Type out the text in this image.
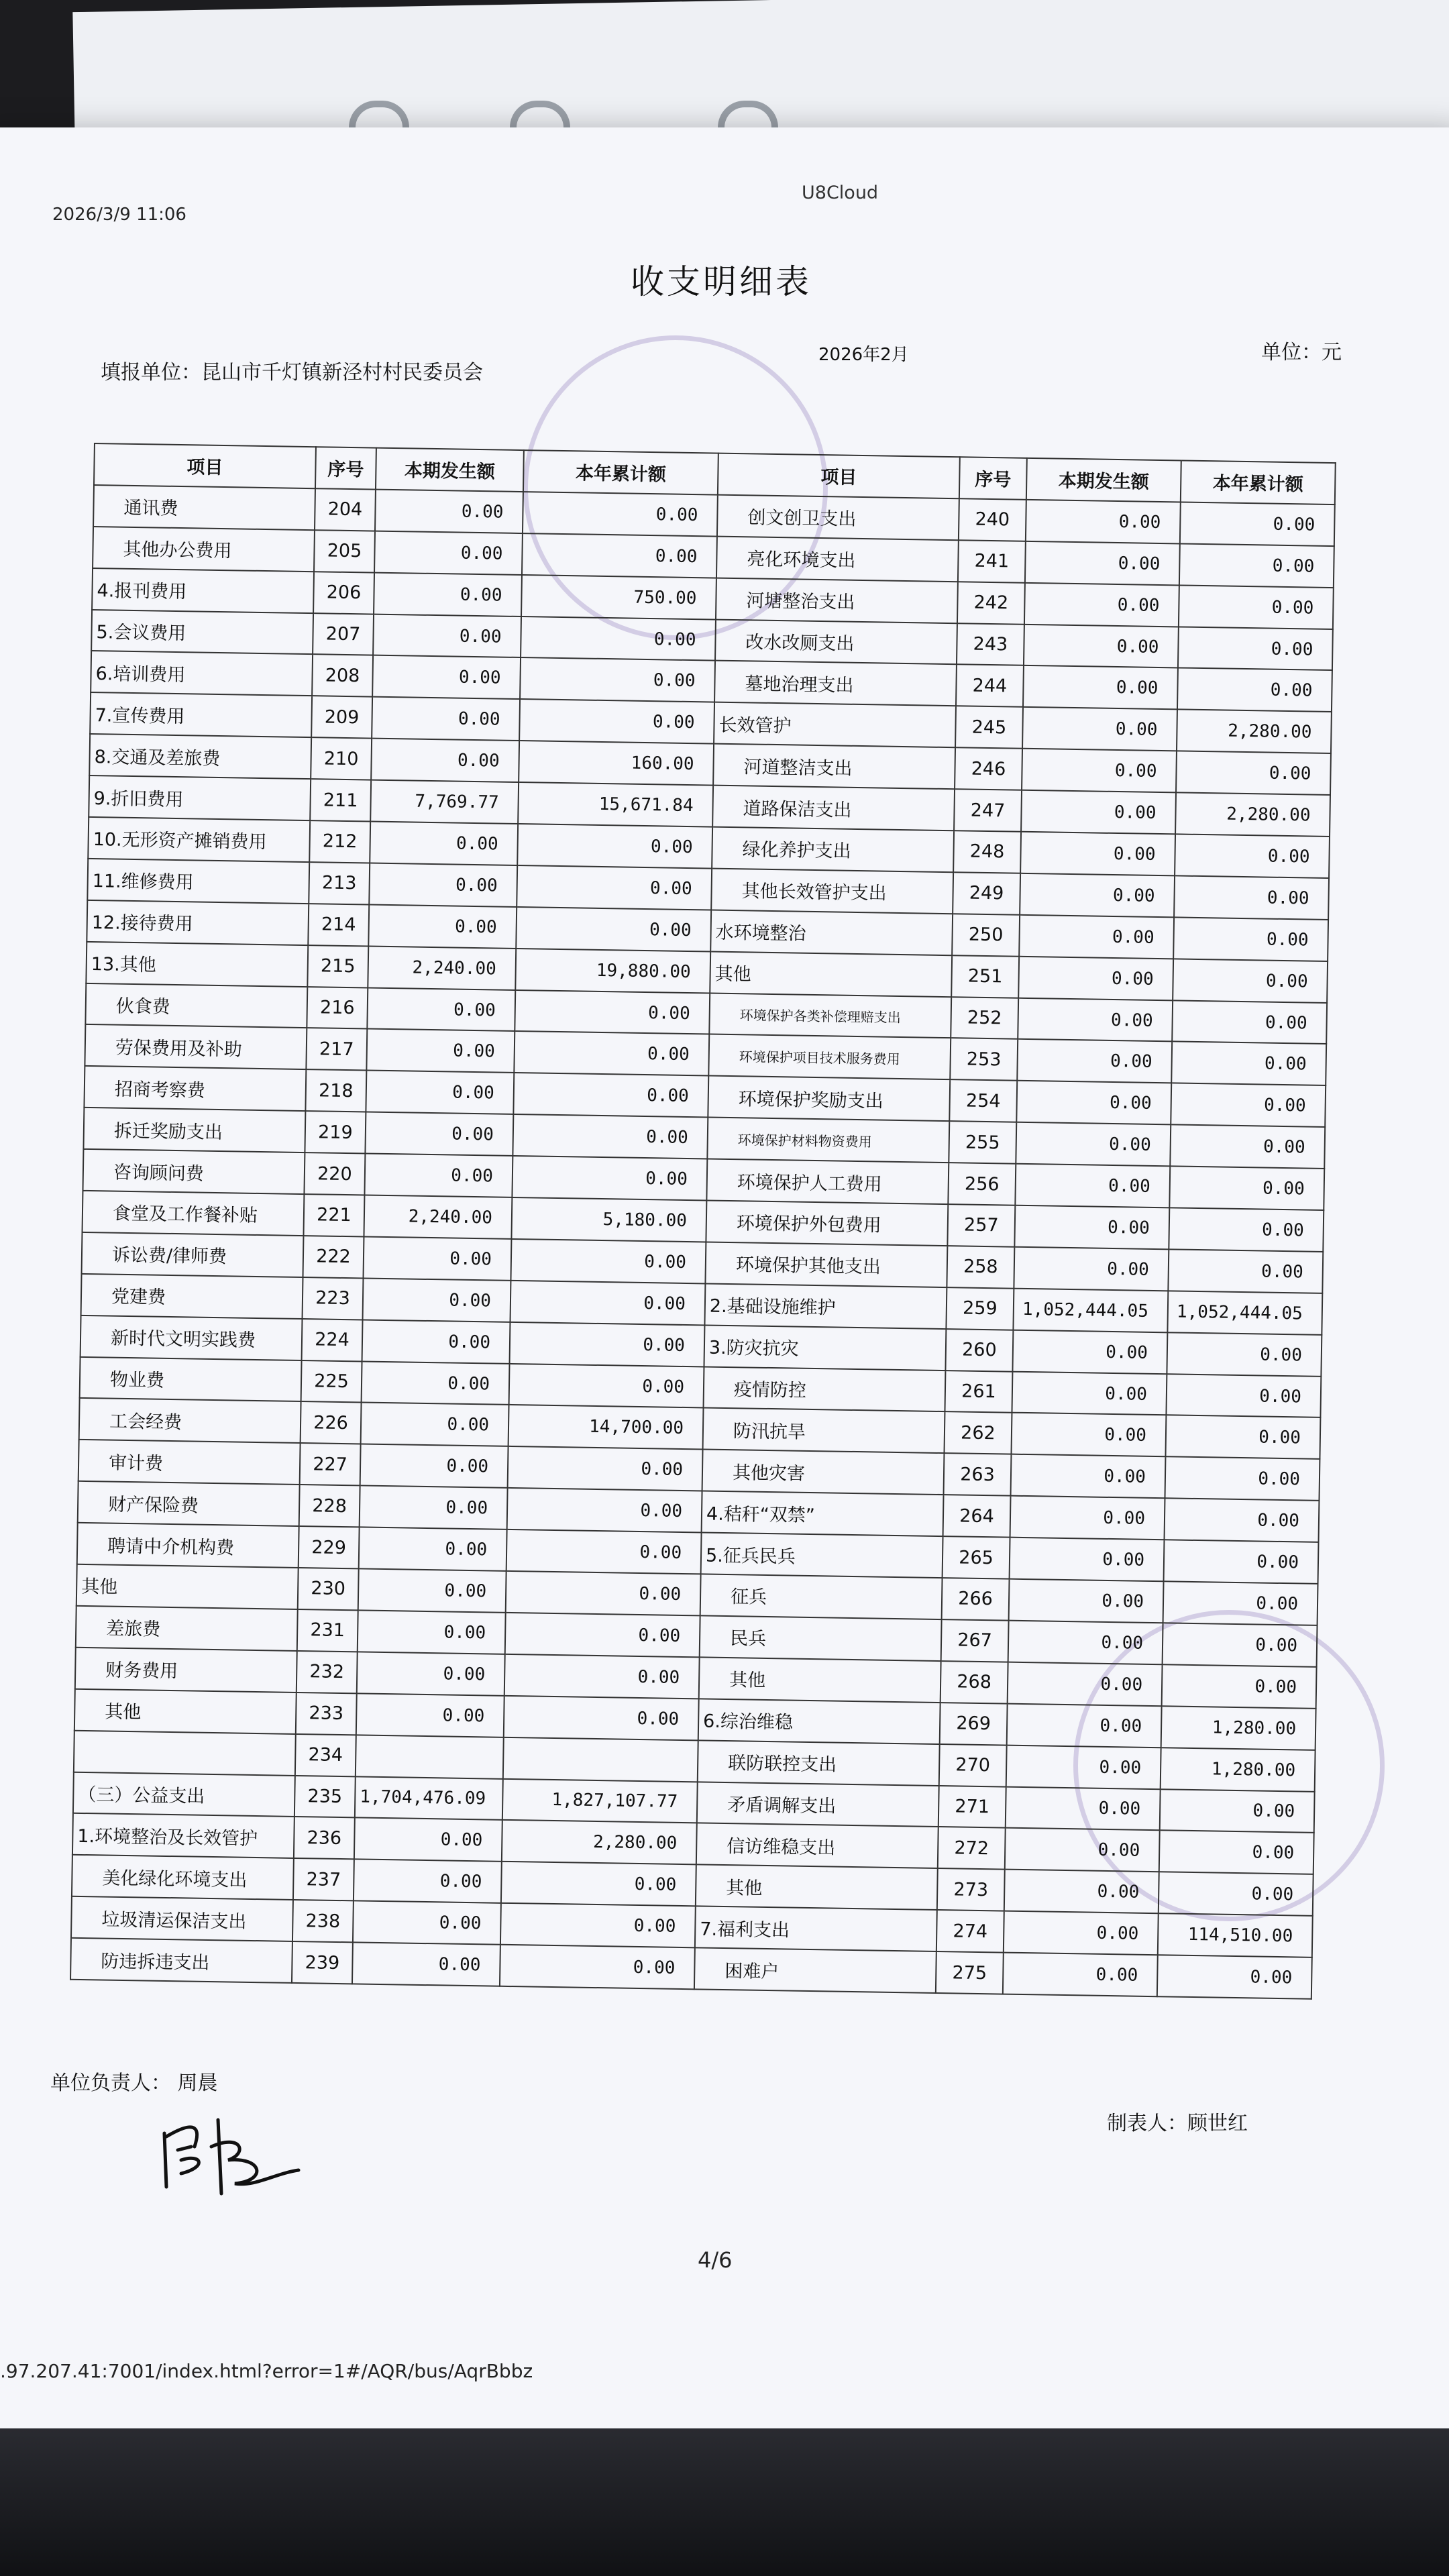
2026/3/9 11:06
U8Cloud
收支明细表
填报单位：昆山市千灯镇新泾村村民委员会
2026年2月	单位：元
项目	序号	本期发生额	本年累计额	项目	序号	本期发生额	本年累计额
通讯费	204	0.00	0.00	创文创卫支出	240	0.00	0.00
其他办公费用	205	0.00	0.00	亮化环境支出	241	0.00	0.00
4.报刊费用	206	0.00	750.00	河塘整治支出	242	0.00	0.00
5.会议费用	207	0.00	0.00	改水改厕支出	243	0.00	0.00
6.培训费用	208	0.00	0.00	墓地治理支出	244	0.00	0.00
7.宣传费用	209	0.00	0.00	长效管护	245	0.00	2,280.00
8.交通及差旅费	210	0.00	160.00	河道整洁支出	246	0.00	0.00
9.折旧费用	211	7,769.77	15,671.84	道路保洁支出	247	0.00	2,280.00
10.无形资产摊销费用	212	0.00	0.00	绿化养护支出	248	0.00	0.00
11.维修费用	213	0.00	0.00	其他长效管护支出	249	0.00	0.00
12.接待费用	214	0.00	0.00	水环境整治	250	0.00	0.00
13.其他	215	2,240.00	19,880.00	其他	251	0.00	0.00
伙食费	216	0.00	0.00	环境保护各类补偿理赔支出	252	0.00	0.00
劳保费用及补助	217	0.00	0.00	环境保护项目技术服务费用	253	0.00	0.00
招商考察费	218	0.00	0.00	环境保护奖励支出	254	0.00	0.00
拆迁奖励支出	219	0.00	0.00	环境保护材料物资费用	255	0.00	0.00
咨询顾问费	220	0.00	0.00	环境保护人工费用	256	0.00	0.00
食堂及工作餐补贴	221	2,240.00	5,180.00	环境保护外包费用	257	0.00	0.00
诉讼费/律师费	222	0.00	0.00	环境保护其他支出	258	0.00	0.00
党建费	223	0.00	0.00	2.基础设施维护	259	1,052,444.05	1,052,444.05
新时代文明实践费	224	0.00	0.00	3.防灾抗灾	260	0.00	0.00
物业费	225	0.00	0.00	疫情防控	261	0.00	0.00
工会经费	226	0.00	14,700.00	防汛抗旱	262	0.00	0.00
审计费	227	0.00	0.00	其他灾害	263	0.00	0.00
财产保险费	228	0.00	0.00	4.秸秆“双禁”	264	0.00	0.00
聘请中介机构费	229	0.00	0.00	5.征兵民兵	265	0.00	0.00
其他	230	0.00	0.00	征兵	266	0.00	0.00
差旅费	231	0.00	0.00	民兵	267	0.00	0.00
财务费用	232	0.00	0.00	其他	268	0.00	0.00
其他	233	0.00	0.00	6.综治维稳	269	0.00	1,280.00
	234			联防联控支出	270	0.00	1,280.00
（三）公益支出	235	1,704,476.09	1,827,107.77	矛盾调解支出	271	0.00	0.00
1.环境整治及长效管护	236	0.00	2,280.00	信访维稳支出	272	0.00	0.00
美化绿化环境支出	237	0.00	0.00	其他	273	0.00	0.00
垃圾清运保洁支出	238	0.00	0.00	7.福利支出	274	0.00	114,510.00
防违拆违支出	239	0.00	0.00	困难户	275	0.00	0.00
单位负责人： 周晨
制表人：顾世红
4/6
.97.207.41:7001/index.html?error=1#/AQR/bus/AqrBbbz
